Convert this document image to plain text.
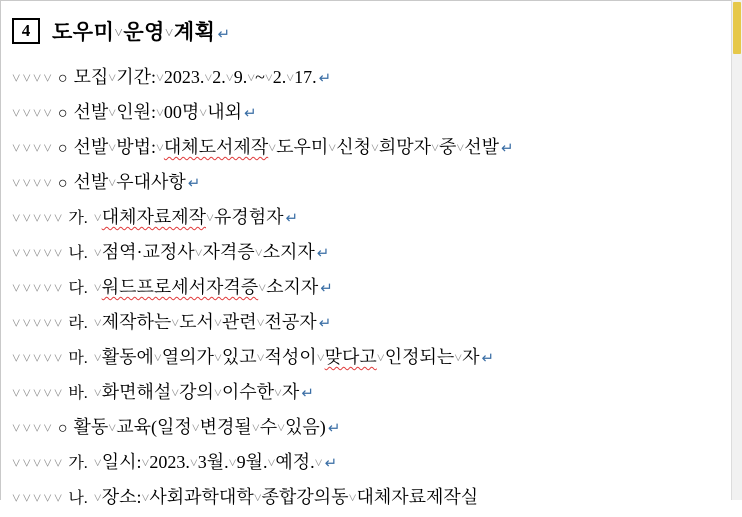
4	도우미˅운영˅계획 ↵
˅˅˅˅ ○ 모집˅기간:˅2023.˅2.˅9.˅~˅2.˅17. ↵
˅˅˅˅ ○ 선발˅인원:˅00명˅내외 ↵
˅˅˅˅ ○ 선발˅방법:˅대체도서제작˅도우미˅신청˅희망자˅중˅선발 ↵
˅˅˅˅ ○ 선발˅우대사항 ↵
˅˅˅˅˅ 가. ˅대체자료제작˅유경험자 ↵
˅˅˅˅˅ 나. ˅점역·교정사˅자격증˅소지자 ↵
˅˅˅˅˅ 다. ˅워드프로세서자격증˅소지자 ↵
˅˅˅˅˅ 라. ˅제작하는˅도서˅관련˅전공자 ↵
˅˅˅˅˅ 마. ˅활동에˅열의가˅있고˅적성이˅맞다고˅인정되는˅자 ↵
˅˅˅˅˅ 바. ˅화면해설˅강의˅이수한˅자 ↵
˅˅˅˅ ○ 활동˅교육(일정˅변경될˅수˅있음) ↵
˅˅˅˅˅ 가. ˅일시:˅2023.˅3월.˅9월.˅예정.˅ ↵
˅˅˅˅˅ 나. ˅장소:˅사회과학대학˅종합강의동˅대체자료제작실
